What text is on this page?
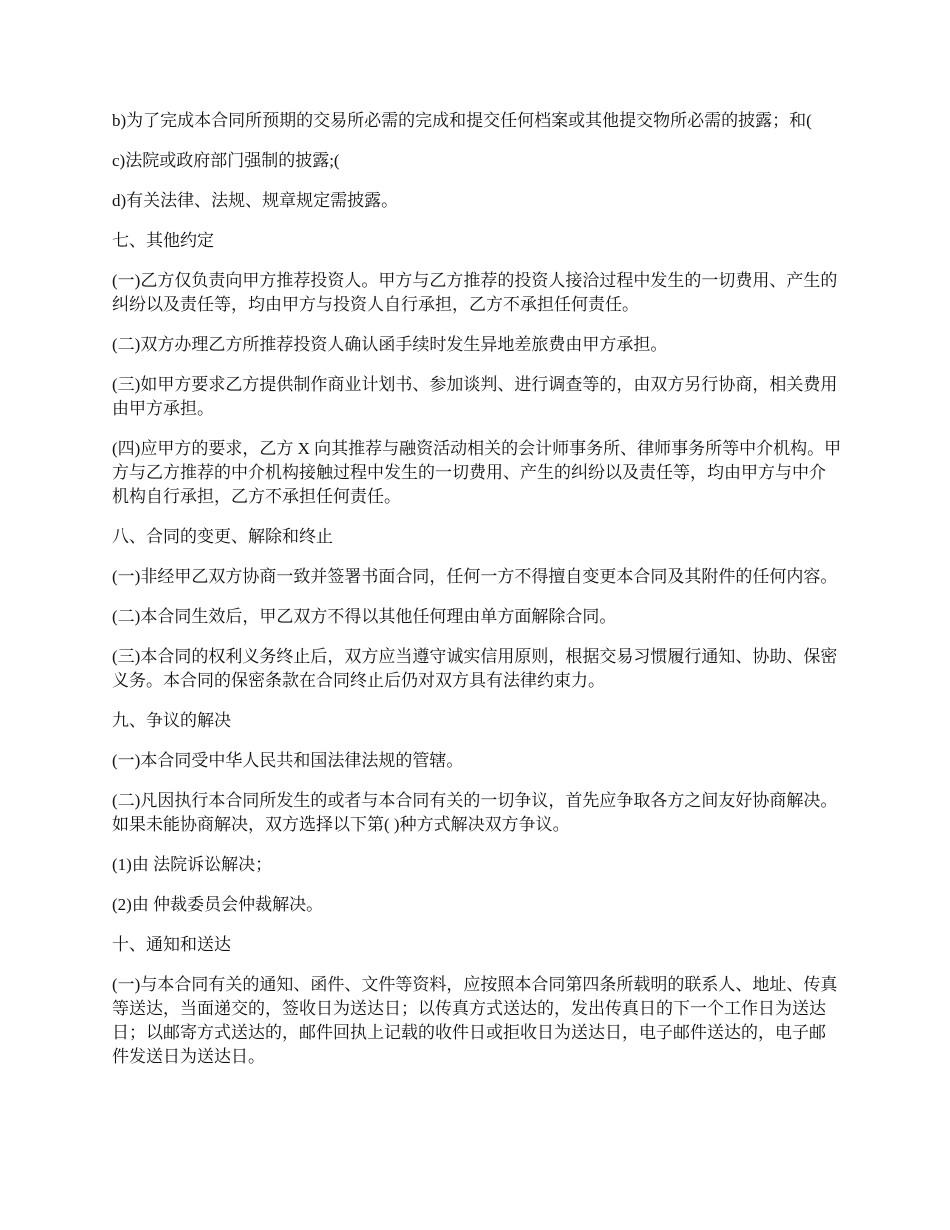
b)为了完成本合同所预期的交易所必需的完成和提交任何档案或其他提交物所必需的披露；和(

c)法院或政府部门强制的披露;(

d)有关法律、法规、规章规定需披露。

七、其他约定

(一)乙方仅负责向甲方推荐投资人。甲方与乙方推荐的投资人接洽过程中发生的一切费用、产生的纠纷以及责任等，均由甲方与投资人自行承担，乙方不承担任何责任。

(二)双方办理乙方所推荐投资人确认函手续时发生异地差旅费由甲方承担。

(三)如甲方要求乙方提供制作商业计划书、参加谈判、进行调查等的，由双方另行协商，相关费用由甲方承担。

(四)应甲方的要求，乙方 X 向其推荐与融资活动相关的会计师事务所、律师事务所等中介机构。甲方与乙方推荐的中介机构接触过程中发生的一切费用、产生的纠纷以及责任等，均由甲方与中介机构自行承担，乙方不承担任何责任。

八、合同的变更、解除和终止

(一)非经甲乙双方协商一致并签署书面合同，任何一方不得擅自变更本合同及其附件的任何内容。

(二)本合同生效后，甲乙双方不得以其他任何理由单方面解除合同。

(三)本合同的权利义务终止后，双方应当遵守诚实信用原则，根据交易习惯履行通知、协助、保密义务。本合同的保密条款在合同终止后仍对双方具有法律约束力。

九、争议的解决

(一)本合同受中华人民共和国法律法规的管辖。

(二)凡因执行本合同所发生的或者与本合同有关的一切争议，首先应争取各方之间友好协商解决。如果未能协商解决，双方选择以下第( )种方式解决双方争议。

(1)由 法院诉讼解决；

(2)由 仲裁委员会仲裁解决。

十、通知和送达

(一)与本合同有关的通知、函件、文件等资料，应按照本合同第四条所载明的联系人、地址、传真等送达，当面递交的，签收日为送达日；以传真方式送达的，发出传真日的下一个工作日为送达日；以邮寄方式送达的，邮件回执上记载的收件日或拒收日为送达日，电子邮件送达的，电子邮件发送日为送达日。
